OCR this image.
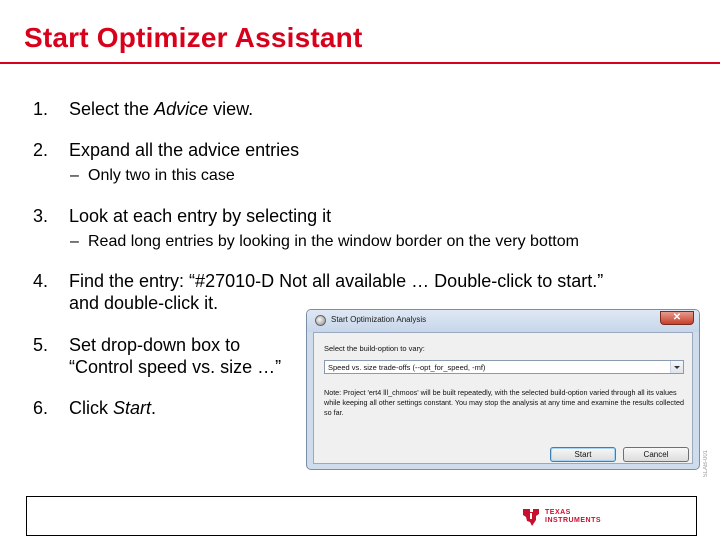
Start Optimizer Assistant
1. Select the Advice view.
2. Expand all the advice entries
– Only two in this case
3. Look at each entry by selecting it
– Read long entries by looking in the window border on the very bottom
4. Find the entry: “#27010-D Not all available … Double-click to start.”
and double-click it.
5. Set drop-down box to
“Control speed vs. size …”
6. Click Start.
Start Optimization Analysis	✕
Select the build-option to vary:
Speed vs. size trade-offs (--opt_for_speed, -mf)
Note: Project 'ert4 lll_chmoos' will be built repeatedly, with the selected build-option varied through all its values while keeping all other settings constant. You may stop the analysis at any time and examine the results collected so far.
Start	Cancel	SLAB-001
TEXAS
INSTRUMENTS
